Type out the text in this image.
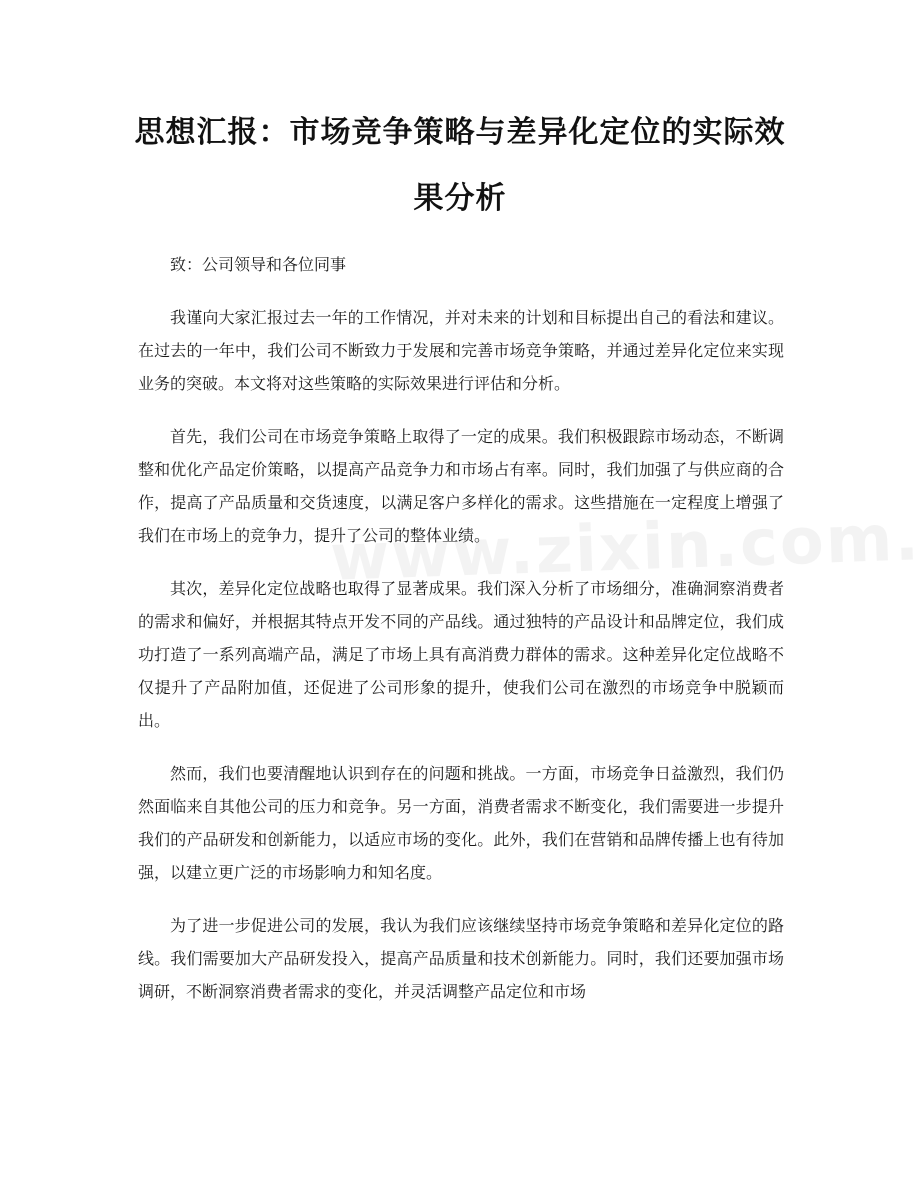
思想汇报：市场竞争策略与差异化定位的实际效果分析

致：公司领导和各位同事

我谨向大家汇报过去一年的工作情况，并对未来的计划和目标提出自己的看法和建议。在过去的一年中，我们公司不断致力于发展和完善市场竞争策略，并通过差异化定位来实现业务的突破。本文将对这些策略的实际效果进行评估和分析。

首先，我们公司在市场竞争策略上取得了一定的成果。我们积极跟踪市场动态，不断调整和优化产品定价策略，以提高产品竞争力和市场占有率。同时，我们加强了与供应商的合作，提高了产品质量和交货速度，以满足客户多样化的需求。这些措施在一定程度上增强了我们在市场上的竞争力，提升了公司的整体业绩。

其次，差异化定位战略也取得了显著成果。我们深入分析了市场细分，准确洞察消费者的需求和偏好，并根据其特点开发不同的产品线。通过独特的产品设计和品牌定位，我们成功打造了一系列高端产品，满足了市场上具有高消费力群体的需求。这种差异化定位战略不仅提升了产品附加值，还促进了公司形象的提升，使我们公司在激烈的市场竞争中脱颖而出。

然而，我们也要清醒地认识到存在的问题和挑战。一方面，市场竞争日益激烈，我们仍然面临来自其他公司的压力和竞争。另一方面，消费者需求不断变化，我们需要进一步提升我们的产品研发和创新能力，以适应市场的变化。此外，我们在营销和品牌传播上也有待加强，以建立更广泛的市场影响力和知名度。

为了进一步促进公司的发展，我认为我们应该继续坚持市场竞争策略和差异化定位的路线。我们需要加大产品研发投入，提高产品质量和技术创新能力。同时，我们还要加强市场调研，不断洞察消费者需求的变化，并灵活调整产品定位和市场
